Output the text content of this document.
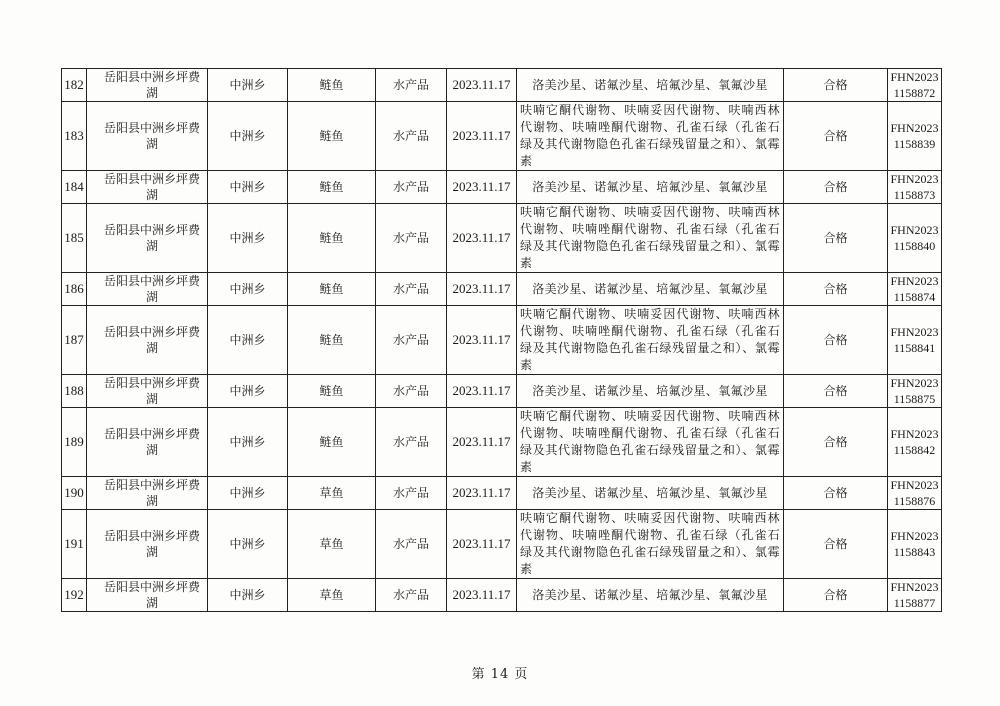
182	岳阳县中洲乡坪费湖	中洲乡	鲢鱼	水产品	2023.11.17	洛美沙星、诺氟沙星、培氟沙星、氧氟沙星	合格	FHN2023
1158872
183	岳阳县中洲乡坪费湖	中洲乡	鲢鱼	水产品	2023.11.17	呋喃它酮代谢物、呋喃妥因代谢物、呋喃西林代谢物、呋喃唑酮代谢物、孔雀石绿（孔雀石绿及其代谢物隐色孔雀石绿残留量之和）、氯霉素	合格	FHN2023
1158839
184	岳阳县中洲乡坪费湖	中洲乡	鲢鱼	水产品	2023.11.17	洛美沙星、诺氟沙星、培氟沙星、氧氟沙星	合格	FHN2023
1158873
185	岳阳县中洲乡坪费湖	中洲乡	鲢鱼	水产品	2023.11.17	呋喃它酮代谢物、呋喃妥因代谢物、呋喃西林代谢物、呋喃唑酮代谢物、孔雀石绿（孔雀石绿及其代谢物隐色孔雀石绿残留量之和）、氯霉素	合格	FHN2023
1158840
186	岳阳县中洲乡坪费湖	中洲乡	鲢鱼	水产品	2023.11.17	洛美沙星、诺氟沙星、培氟沙星、氧氟沙星	合格	FHN2023
1158874
187	岳阳县中洲乡坪费湖	中洲乡	鲢鱼	水产品	2023.11.17	呋喃它酮代谢物、呋喃妥因代谢物、呋喃西林代谢物、呋喃唑酮代谢物、孔雀石绿（孔雀石绿及其代谢物隐色孔雀石绿残留量之和）、氯霉素	合格	FHN2023
1158841
188	岳阳县中洲乡坪费湖	中洲乡	鲢鱼	水产品	2023.11.17	洛美沙星、诺氟沙星、培氟沙星、氧氟沙星	合格	FHN2023
1158875
189	岳阳县中洲乡坪费湖	中洲乡	鲢鱼	水产品	2023.11.17	呋喃它酮代谢物、呋喃妥因代谢物、呋喃西林代谢物、呋喃唑酮代谢物、孔雀石绿（孔雀石绿及其代谢物隐色孔雀石绿残留量之和）、氯霉素	合格	FHN2023
1158842
190	岳阳县中洲乡坪费湖	中洲乡	草鱼	水产品	2023.11.17	洛美沙星、诺氟沙星、培氟沙星、氧氟沙星	合格	FHN2023
1158876
191	岳阳县中洲乡坪费湖	中洲乡	草鱼	水产品	2023.11.17	呋喃它酮代谢物、呋喃妥因代谢物、呋喃西林代谢物、呋喃唑酮代谢物、孔雀石绿（孔雀石绿及其代谢物隐色孔雀石绿残留量之和）、氯霉素	合格	FHN2023
1158843
192	岳阳县中洲乡坪费湖	中洲乡	草鱼	水产品	2023.11.17	洛美沙星、诺氟沙星、培氟沙星、氧氟沙星	合格	FHN2023
1158877
第 14 页
